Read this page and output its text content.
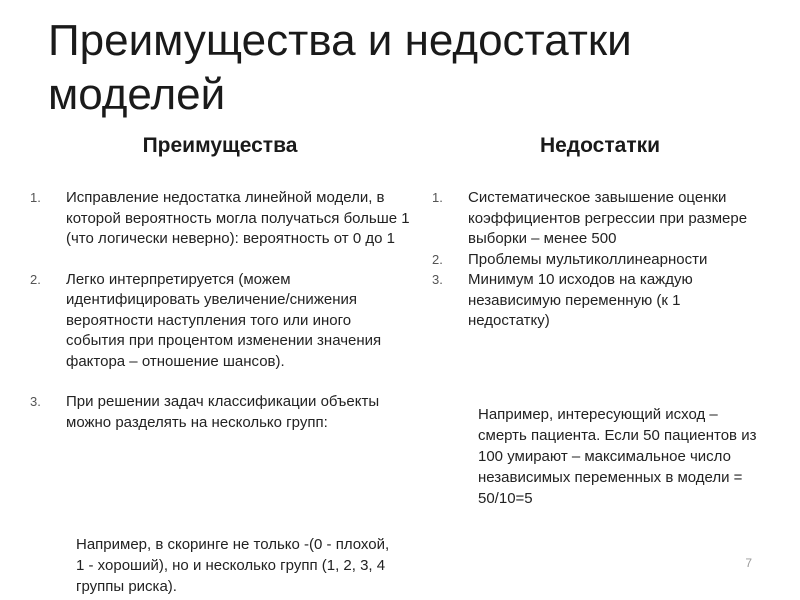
Преимущества и недостатки моделей
Преимущества	Недостатки
1. Исправление недостатка линейной модели, в которой вероятность могла получаться больше 1 (что логически неверно): вероятность от 0 до 1
2. Легко интерпретируется (можем идентифицировать увеличение/снижения вероятности наступления того или иного события при процентом изменении значения фактора – отношение шансов).
3. При решении задач классификации объекты можно разделять на несколько групп:

Например, в скоринге не только -(0 - плохой, 1 - хороший), но и несколько групп (1, 2, 3, 4 группы риска).

1. Систематическое завышение оценки коэффициентов регрессии при размере выборки – менее 500
2. Проблемы мультиколлинеарности
3. Минимум 10 исходов на каждую независимую переменную (к 1 недостатку)

Например, интересующий исход – смерть пациента. Если 50 пациентов из 100 умирают – максимальное число независимых переменных в модели = 50/10=5

7
